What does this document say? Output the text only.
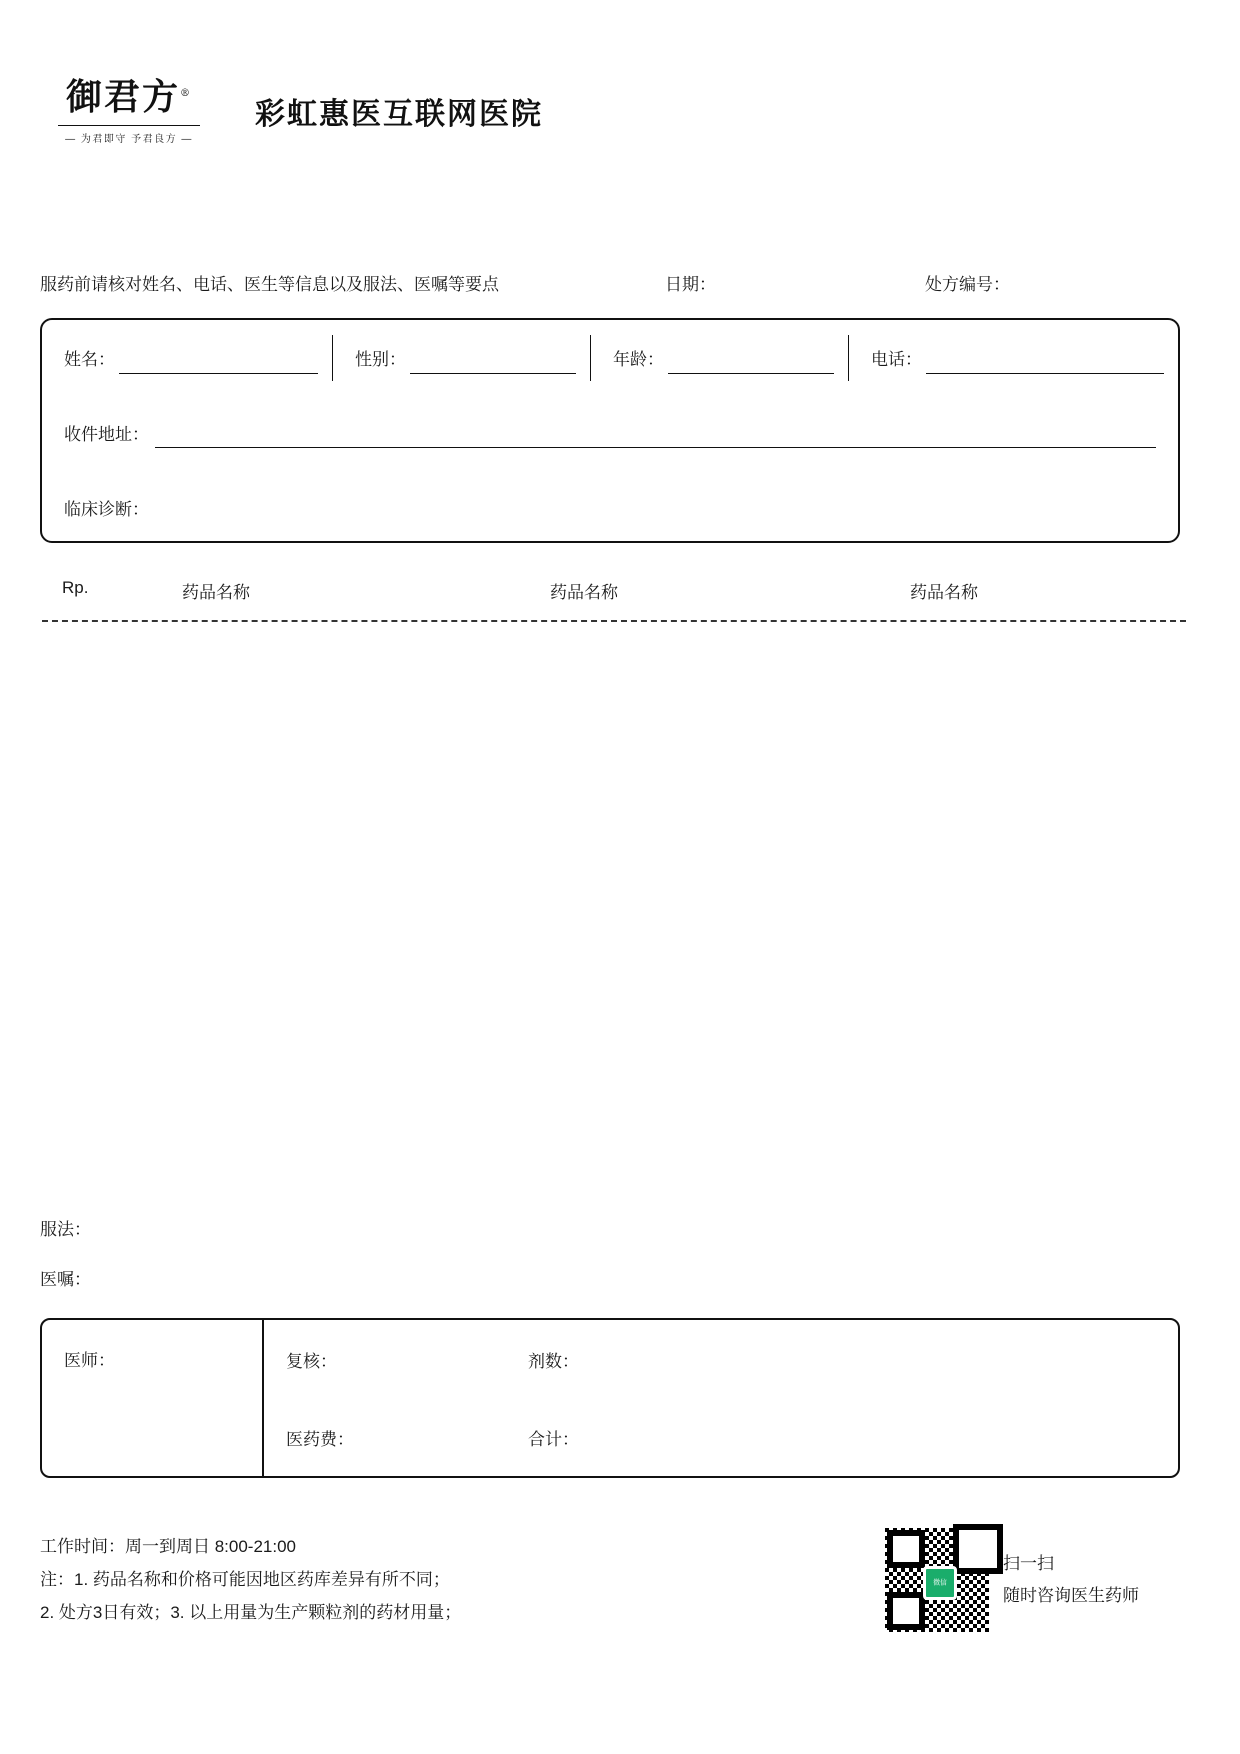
御君方®
— 为君即守 予君良方 —
彩虹惠医互联网医院
服药前请核对姓名、电话、医生等信息以及服法、医嘱等要点	日期：	处方编号：
姓名：	性别：	年龄：	电话：
收件地址：
临床诊断：
Rp.	药品名称	药品名称	药品名称
服法：
医嘱：
医师：	复核：	剂数：
医药费：	合计：
工作时间：周一到周日 8:00-21:00
注：1. 药品名称和价格可能因地区药库差异有所不同；
2. 处方3日有效；3. 以上用量为生产颗粒剂的药材用量；
微信
扫一扫
随时咨询医生药师
